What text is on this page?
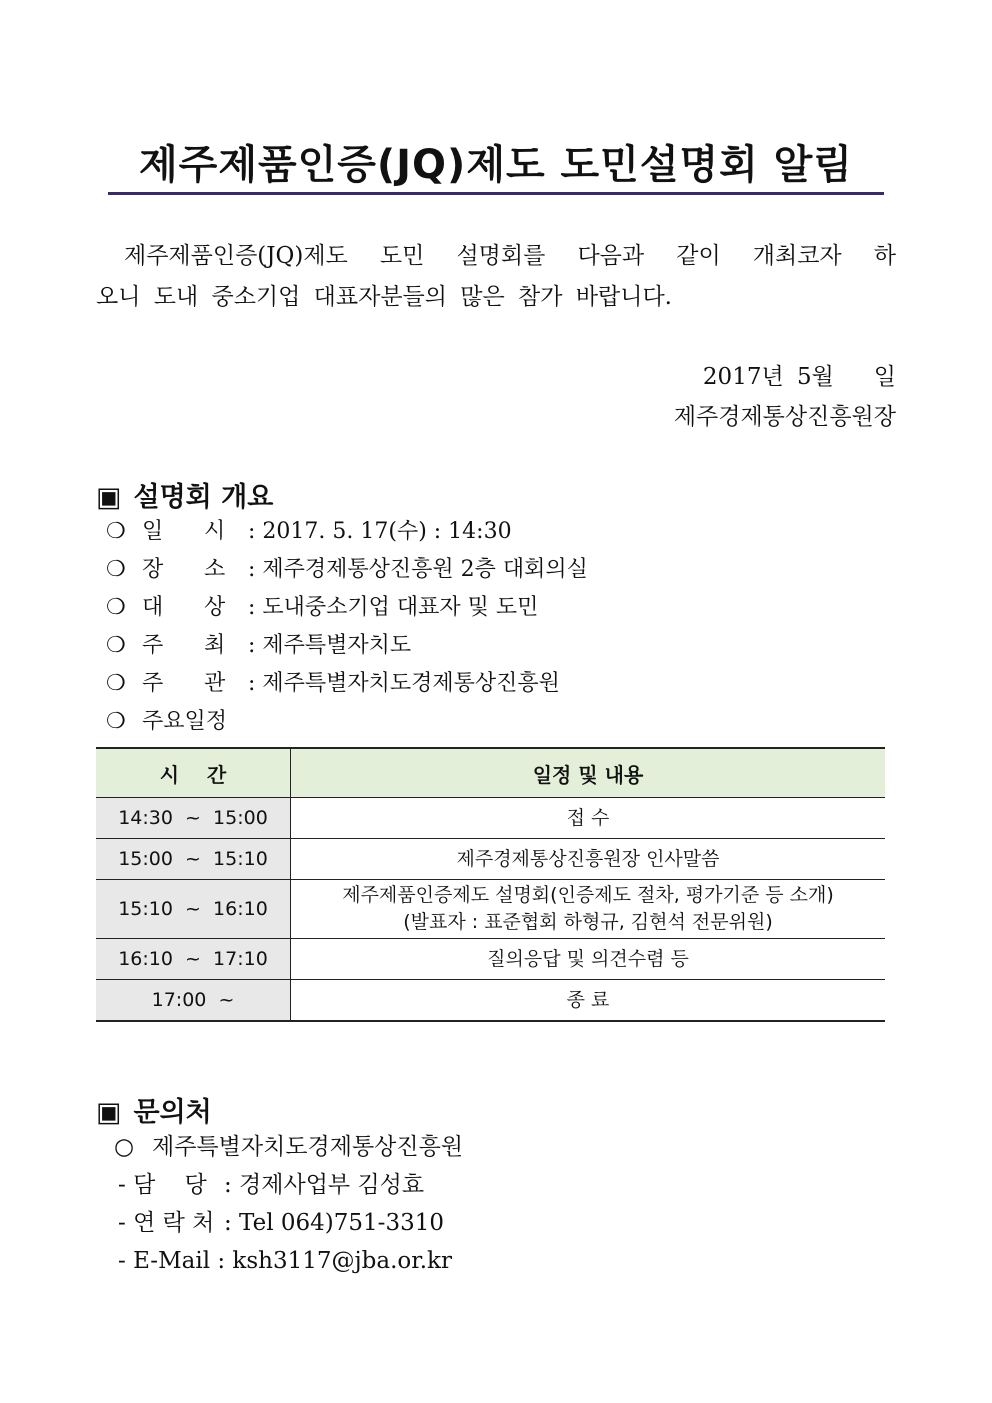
제주제품인증(JQ)제도 도민설명회 알림
제주제품인증(JQ)제도 도민 설명회를 다음과 같이 개최코자 하
오니 도내 중소기업 대표자분들의 많은 참가 바랍니다.
2017년 5월   일
제주경제통상진흥원장
▣ 설명회 개요
❍ 일 시 : 2017. 5. 17(수) : 14:30
❍ 장 소 : 제주경제통상진흥원 2층 대회의실
❍ 대 상 : 도내중소기업 대표자 및 도민
❍ 주 최 : 제주특별자치도
❍ 주 관 : 제주특별자치도경제통상진흥원
❍ 주요일정
시    간	일정 및 내용
14:30  ~  15:00	접 수
15:00  ~  15:10	제주경제통상진흥원장 인사말씀
15:10  ~  16:10	제주제품인증제도 설명회(인증제도 절차, 평가기준 등 소개)
(발표자 : 표준협회 하형규, 김현석 전문위원)

16:10  ~  17:10	질의응답 및 의견수렴 등
17:00  ~	종 료
▣ 문의처
○ 제주특별자치도경제통상진흥원
- 담    당 : 경제사업부 김성효
- 연 락 처 : Tel 064)751-3310
- E-Mail : ksh3117@jba.or.kr
